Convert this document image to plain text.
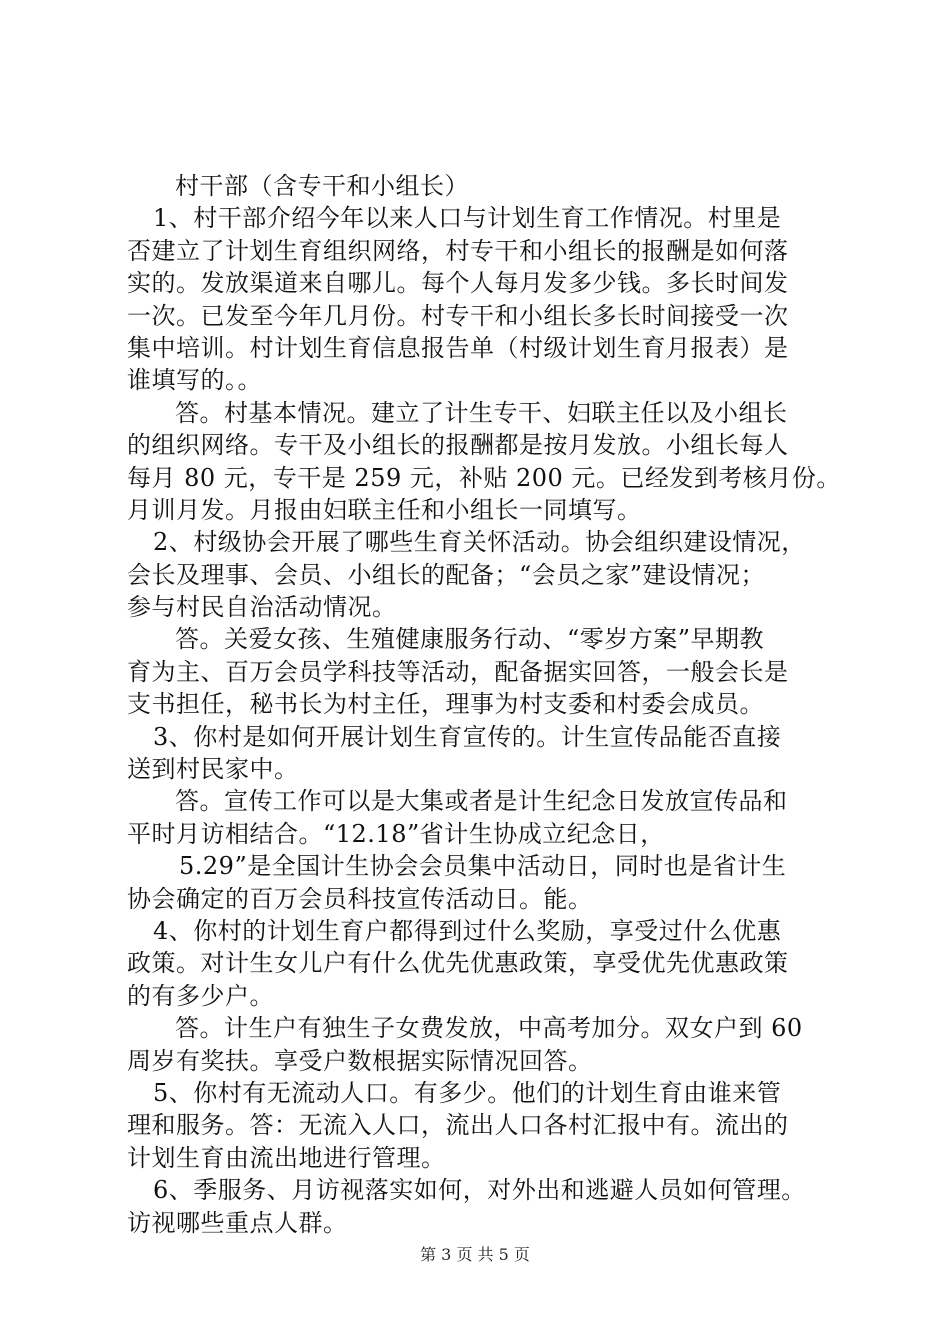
村干部（含专干和小组长）
1、村干部介绍今年以来人口与计划生育工作情况。村里是
否建立了计划生育组织网络，村专干和小组长的报酬是如何落
实的。发放渠道来自哪儿。每个人每月发多少钱。多长时间发
一次。已发至今年几月份。村专干和小组长多长时间接受一次
集中培训。村计划生育信息报告单（村级计划生育月报表）是
谁填写的。。
答。村基本情况。建立了计生专干、妇联主任以及小组长
的组织网络。专干及小组长的报酬都是按月发放。小组长每人
每月 80 元，专干是 259 元，补贴 200 元。已经发到考核月份。
月训月发。月报由妇联主任和小组长一同填写。
2、村级协会开展了哪些生育关怀活动。协会组织建设情况，
会长及理事、会员、小组长的配备；“会员之家”建设情况；
参与村民自治活动情况。
答。关爱女孩、生殖健康服务行动、“零岁方案”早期教
育为主、百万会员学科技等活动，配备据实回答，一般会长是
支书担任，秘书长为村主任，理事为村支委和村委会成员。
3、你村是如何开展计划生育宣传的。计生宣传品能否直接
送到村民家中。
答。宣传工作可以是大集或者是计生纪念日发放宣传品和
平时月访相结合。“12.18”省计生协成立纪念日，
5.29”是全国计生协会会员集中活动日，同时也是省计生
协会确定的百万会员科技宣传活动日。能。
4、你村的计划生育户都得到过什么奖励，享受过什么优惠
政策。对计生女儿户有什么优先优惠政策，享受优先优惠政策
的有多少户。
答。计生户有独生子女费发放，中高考加分。双女户到 60
周岁有奖扶。享受户数根据实际情况回答。
5、你村有无流动人口。有多少。他们的计划生育由谁来管
理和服务。答：无流入人口，流出人口各村汇报中有。流出的
计划生育由流出地进行管理。
6、季服务、月访视落实如何，对外出和逃避人员如何管理。
访视哪些重点人群。
第 3 页 共 5 页
